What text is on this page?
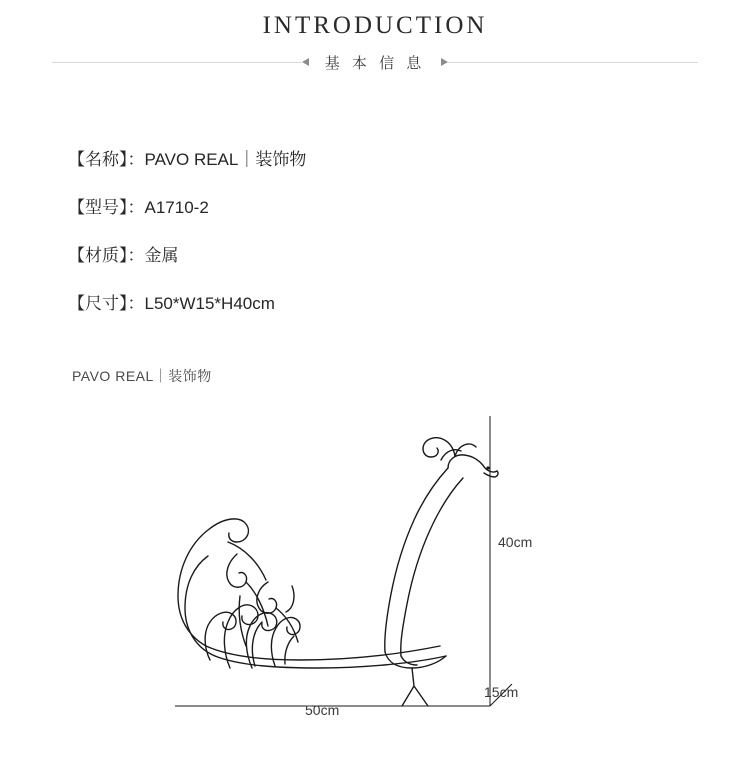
INTRODUCTION
基 本 信 息
【名称】：PAVO REAL｜装饰物
【型号】：A1710-2
【材质】：金属
【尺寸】：L50*W15*H40cm
PAVO REAL｜装饰物
40cm
15cm
50cm
